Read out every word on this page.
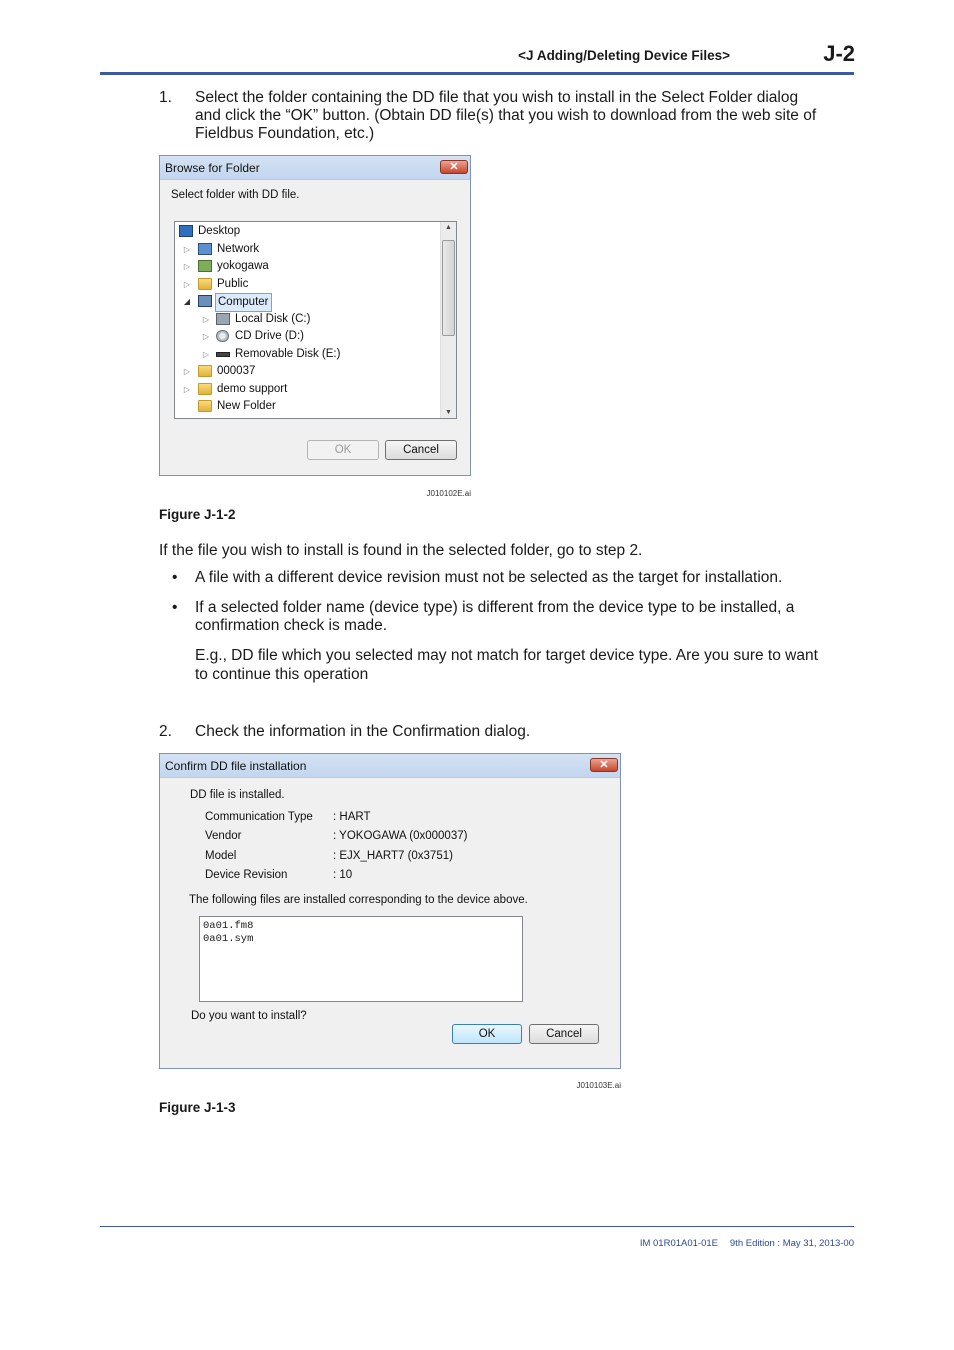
<J Adding/Deleting Device Files>	J-2
1. Select the folder containing the DD file that you wish to install in the Select Folder dialog
and click the “OK” button. (Obtain DD file(s) that you wish to download from the web site of
Fieldbus Foundation, etc.)
Browse for Folder	✕
Select folder with DD file.
Desktop
▷ Network
▷ yokogawa
▷ Public
◢ Computer
▷ Local Disk (C:)
▷ CD Drive (D:)
▷ Removable Disk (E:)
▷ 000037
▷ demo support
New Folder
▲
▼
OK	Cancel
J010102E.ai
Figure J-1-2
If the file you wish to install is found in the selected folder, go to step 2.
• A file with a different device revision must not be selected as the target for installation.
• If a selected folder name (device type) is different from the device type to be installed, a
confirmation check is made.
E.g., DD file which you selected may not match for target device type. Are you sure to want
to continue this operation
2. Check the information in the Confirmation dialog.
Confirm DD file installation	✕
DD file is installed.
Communication Type : HART
Vendor	: YOKOGAWA (0x000037)
Model	: EJX_HART7 (0x3751)
Device Revision	: 10
The following files are installed corresponding to the device above.
0a01.fm8
0a01.sym
Do you want to install?
OK	Cancel
J010103E.ai
Figure J-1-3
IM 01R01A01-01E	9th Edition : May 31, 2013-00
